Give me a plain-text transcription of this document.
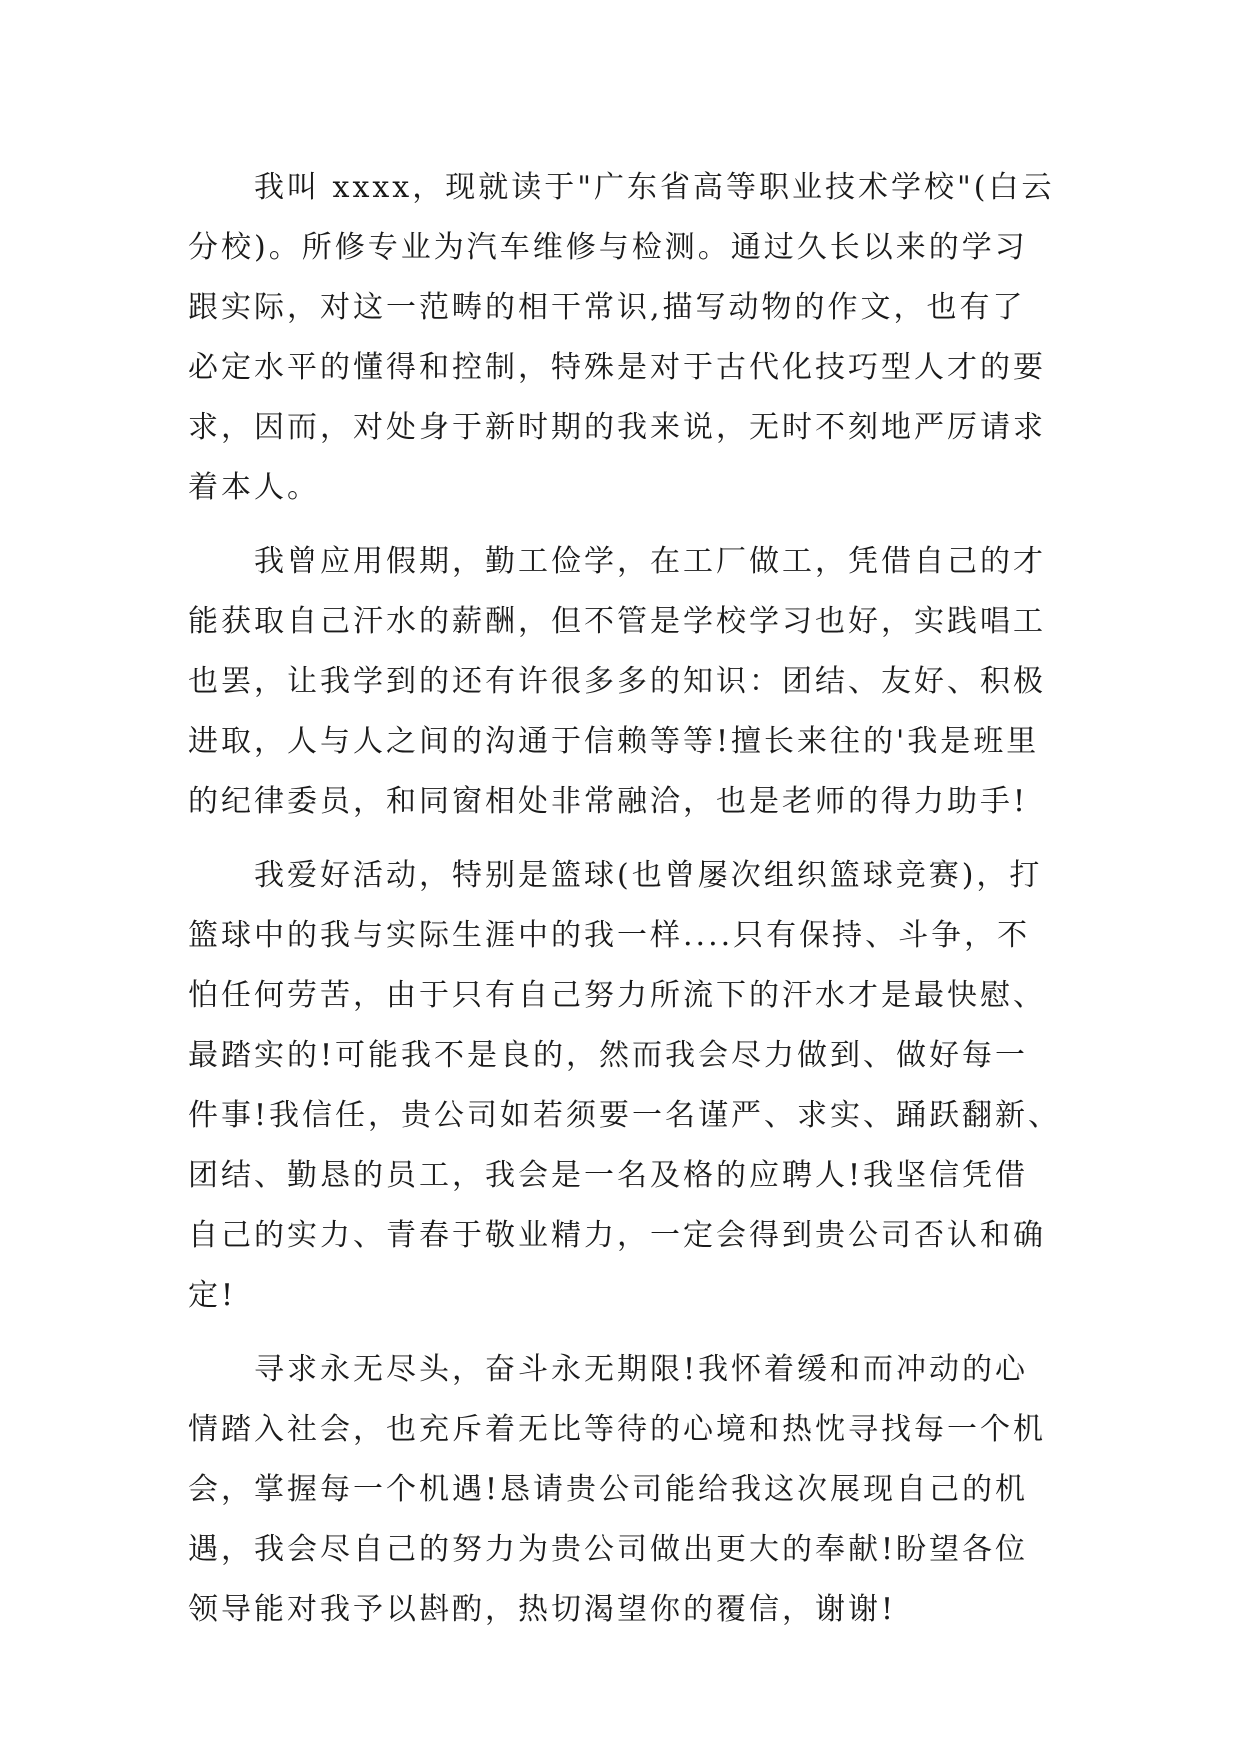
我叫 xxxx，现就读于"广东省高等职业技术学校"(白云
分校)。所修专业为汽车维修与检测。通过久长以来的学习
跟实际，对这一范畴的相干常识,描写动物的作文，也有了
必定水平的懂得和控制，特殊是对于古代化技巧型人才的要
求，因而，对处身于新时期的我来说，无时不刻地严厉请求
着本人。
我曾应用假期，勤工俭学，在工厂做工，凭借自己的才
能获取自己汗水的薪酬，但不管是学校学习也好，实践唱工
也罢，让我学到的还有许很多多的知识：团结、友好、积极
进取，人与人之间的沟通于信赖等等!擅长来往的'我是班里
的纪律委员，和同窗相处非常融洽，也是老师的得力助手!
我爱好活动，特别是篮球(也曾屡次组织篮球竞赛)，打
篮球中的我与实际生涯中的我一样....只有保持、斗争，不
怕任何劳苦，由于只有自己努力所流下的汗水才是最快慰、
最踏实的!可能我不是良的，然而我会尽力做到、做好每一
件事!我信任，贵公司如若须要一名谨严、求实、踊跃翻新、
团结、勤恳的员工，我会是一名及格的应聘人!我坚信凭借
自己的实力、青春于敬业精力，一定会得到贵公司否认和确
定!
寻求永无尽头，奋斗永无期限!我怀着缓和而冲动的心
情踏入社会，也充斥着无比等待的心境和热忱寻找每一个机
会，掌握每一个机遇!恳请贵公司能给我这次展现自己的机
遇，我会尽自己的努力为贵公司做出更大的奉献!盼望各位
领导能对我予以斟酌，热切渴望你的覆信，谢谢!
